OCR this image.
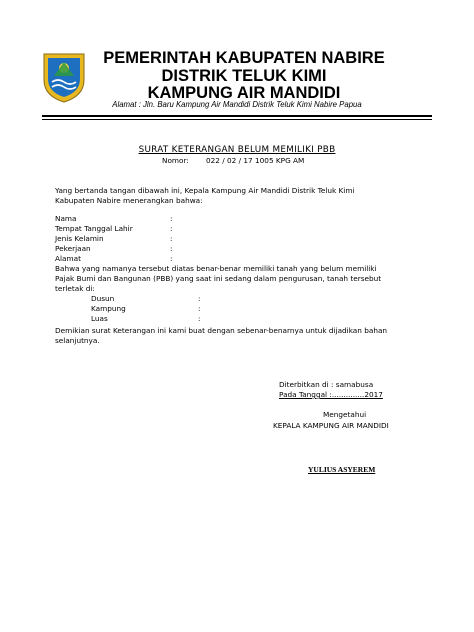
PEMERINTAH KABUPATEN NABIRE
DISTRIK TELUK KIMI
KAMPUNG AIR MANDIDI
Alamat : Jln. Baru Kampung Air Mandidi Distrik Teluk Kimi Nabire Papua
SURAT KETERANGAN BELUM MEMILIKI PBB
Nomor: 022 / 02 / 17 1005 KPG AM
Yang bertanda tangan dibawah ini, Kepala Kampung Air Mandidi Distrik Teluk Kimi
Kabupaten Nabire menerangkan bahwa:
Nama	:
Tempat Tanggal Lahir	:
Jenis Kelamin	:
Pekerjaan	:
Alamat	:
Bahwa yang namanya tersebut diatas benar-benar memiliki tanah yang belum memiliki
Pajak Bumi dan Bangunan (PBB) yang saat ini sedang dalam pengurusan, tanah tersebut
terletak di:
Dusun	:
Kampung	:
Luas	:
Demikian surat Keterangan ini kami buat dengan sebenar-benarnya untuk dijadikan bahan
selanjutnya.
Diterbitkan di : samabusa
Pada Tanggal :..............2017
Mengetahui
KEPALA KAMPUNG AIR MANDIDI
YULIUS ASYEREM
